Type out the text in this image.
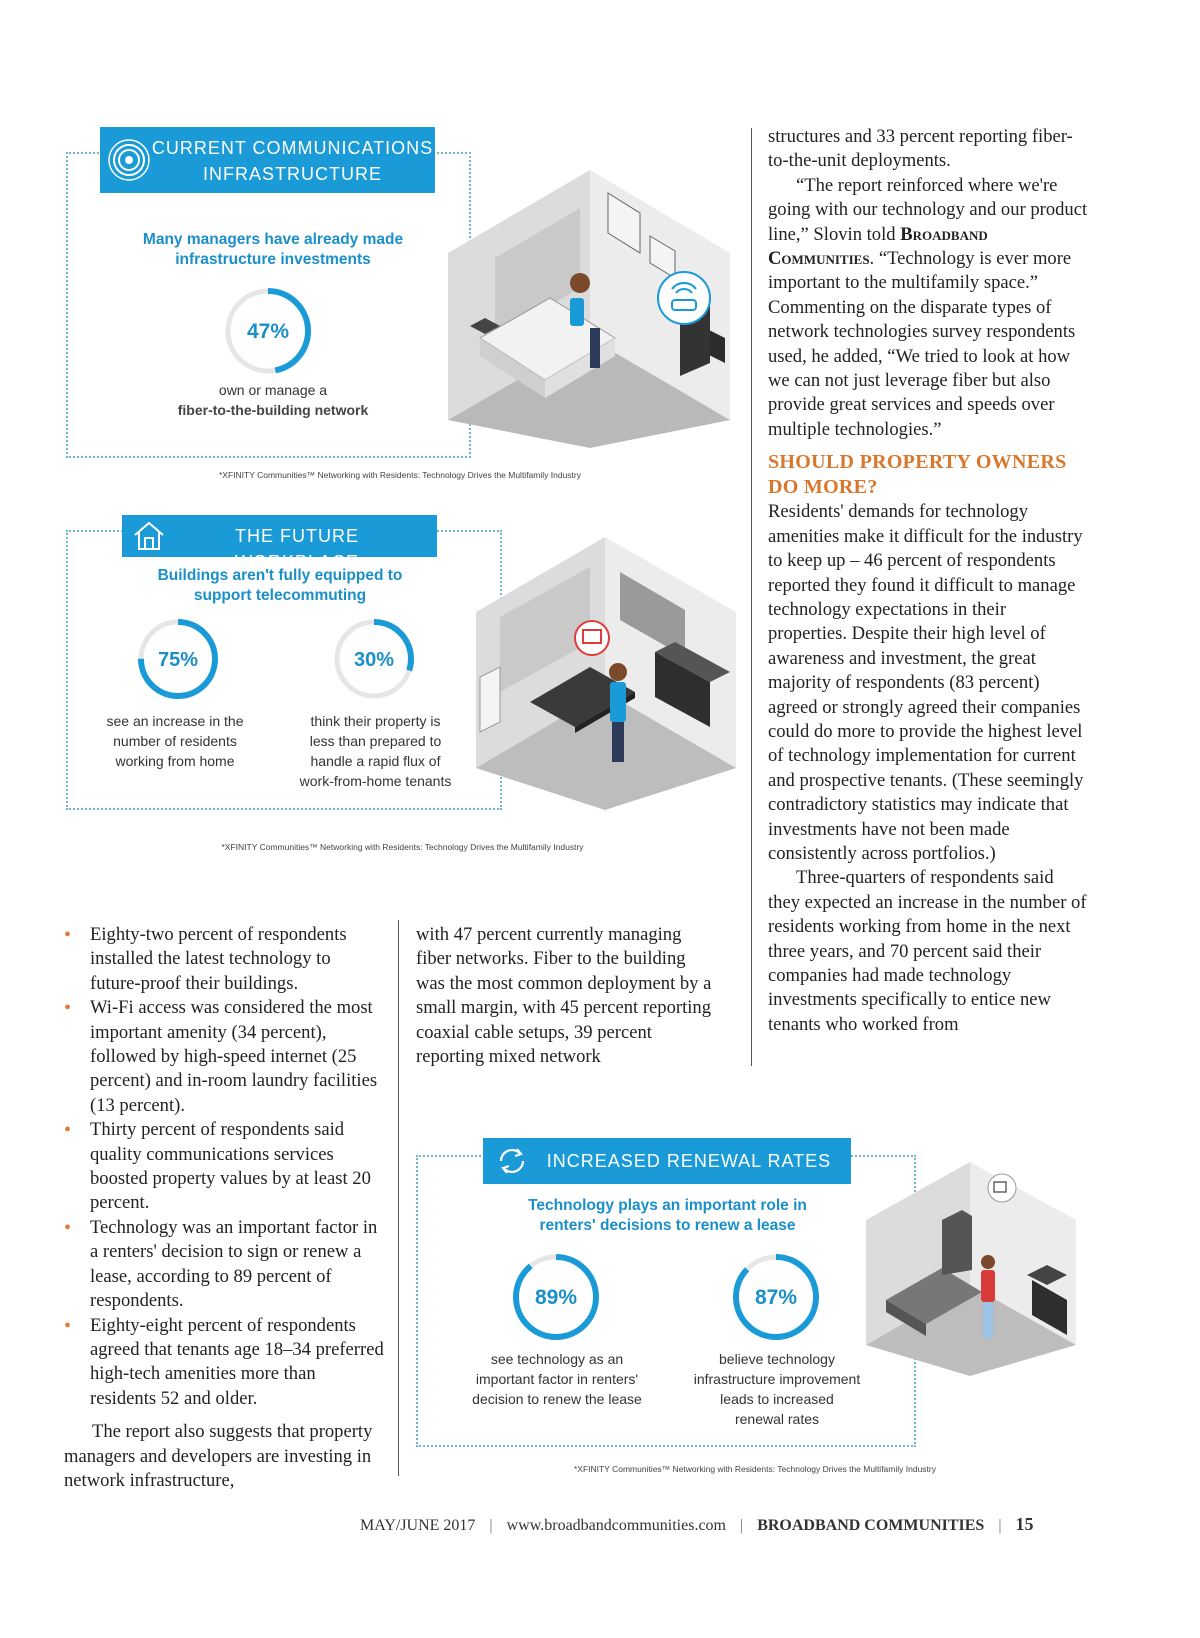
CURRENT COMMUNICATIONS
INFRASTRUCTURE
Many managers have already made
infrastructure investments
47%
own or manage a
fiber-to-the-building network
*XFINITY Communities™ Networking with Residents: Technology Drives the Multifamily Industry
THE FUTURE WORKPLACE
Buildings aren't fully equipped to
support telecommuting
75%	30%
see an increase in the
number of residents
working from home
think their property is
less than prepared to
handle a rapid flux of
work-from-home tenants
*XFINITY Communities™ Networking with Residents: Technology Drives the Multifamily Industry
• Eighty-two percent of respondents installed the latest technology to future-proof their buildings.
• Wi-Fi access was considered the most important amenity (34 percent), followed by high-speed internet (25 percent) and in-room laundry facilities (13 percent).
• Thirty percent of respondents said quality communications services boosted property values by at least 20 percent.
• Technology was an important factor in a renters' decision to sign or renew a lease, according to 89 percent of respondents.
• Eighty-eight percent of respondents agreed that tenants age 18–34 preferred high-tech amenities more than residents 52 and older.

The report also suggests that property managers and developers are investing in network infrastructure,

with 47 percent currently managing fiber networks. Fiber to the building was the most common deployment by a small margin, with 45 percent reporting coaxial cable setups, 39 percent reporting mixed network

structures and 33 percent reporting fiber-to-the-unit deployments.

“The report reinforced where we're going with our technology and our product line,” Slovin told Broadband Communities. “Technology is ever more important to the multifamily space.” Commenting on the disparate types of network technologies survey respondents used, he added, “We tried to look at how we can not just leverage fiber but also provide great services and speeds over multiple technologies.”

SHOULD PROPERTY OWNERS DO MORE?

Residents' demands for technology amenities make it difficult for the industry to keep up – 46 percent of respondents reported they found it difficult to manage technology expectations in their properties. Despite their high level of awareness and investment, the great majority of respondents (83 percent) agreed or strongly agreed their companies could do more to provide the highest level of technology implementation for current and prospective tenants. (These seemingly contradictory statistics may indicate that investments have not been made consistently across portfolios.)

Three-quarters of respondents said they expected an increase in the number of residents working from home in the next three years, and 70 percent said their companies had made technology investments specifically to entice new tenants who worked from

INCREASED RENEWAL RATES
Technology plays an important role in
renters' decisions to renew a lease
89%	87%
see technology as an
important factor in renters'
decision to renew the lease
believe technology
infrastructure improvement
leads to increased
renewal rates
*XFINITY Communities™ Networking with Residents: Technology Drives the Multifamily Industry
MAY/JUNE 2017 | www.broadbandcommunities.com | BROADBAND COMMUNITIES | 15
